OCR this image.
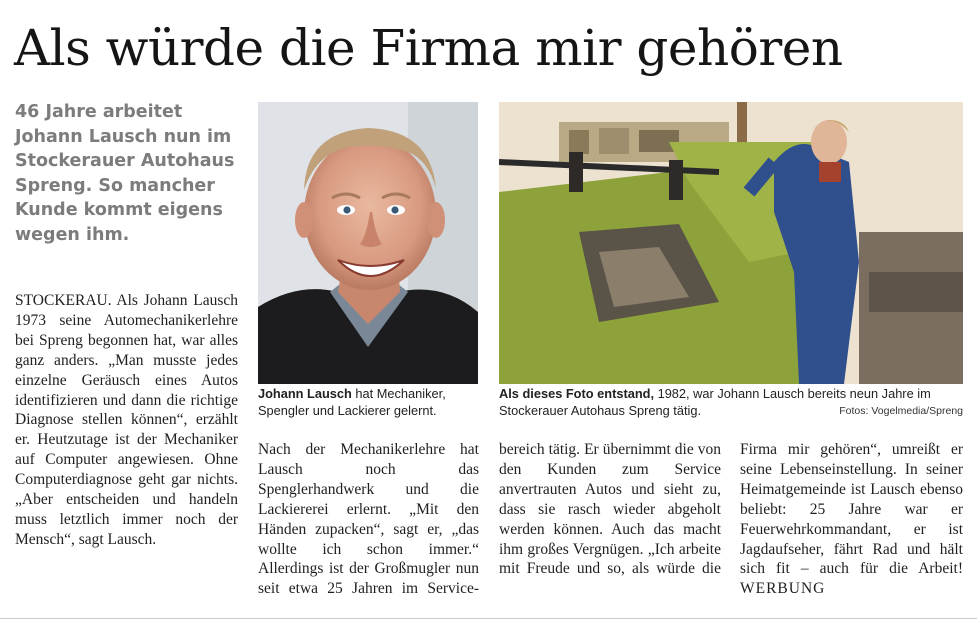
Als würde die Firma mir gehören
46 Jahre arbeitet Johann Lausch nun im Stockerauer Autohaus Spreng. So mancher Kunde kommt eigens wegen ihm.

STOCKERAU. Als Johann Lausch 1973 seine Automechanikerlehre bei Spreng begonnen hat, war alles ganz anders. „Man musste jedes einzelne Geräusch eines Autos identifizieren und dann die richtige Diagnose stellen können“, erzählt er. Heutzutage ist der Mechaniker auf Computer angewiesen. Ohne Computerdiagnose geht gar nichts. „Aber entscheiden und handeln muss letztlich immer noch der Mensch“, sagt Lausch.

Johann Lausch hat Mechaniker, Spengler und Lackierer gelernt.
Als dieses Foto entstand, 1982, war Johann Lausch bereits neun Jahre im Stockerauer Autohaus Spreng tätig.	Fotos: Vogelmedia/Spreng

Nach der Mechanikerlehre hat Lausch noch das Spenglerhandwerk und die Lackiererei erlernt. „Mit den Händen zupacken“, sagt er, „das wollte ich schon immer.“ Allerdings ist der Großmugler nun seit etwa 25 Jahren im Service-

bereich tätig. Er übernimmt die von den Kunden zum Service anvertrauten Autos und sieht zu, dass sie rasch wieder abgeholt werden können. Auch das macht ihm großes Vergnügen. „Ich arbeite mit Freude und so, als würde die

Firma mir gehören“, umreißt er seine Lebenseinstellung. In seiner Heimatgemeinde ist Lausch ebenso beliebt: 25 Jahre war er Feuerwehrkommandant, er ist Jagdaufseher, fährt Rad und hält sich fit – auch für die Arbeit! WERBUNG
